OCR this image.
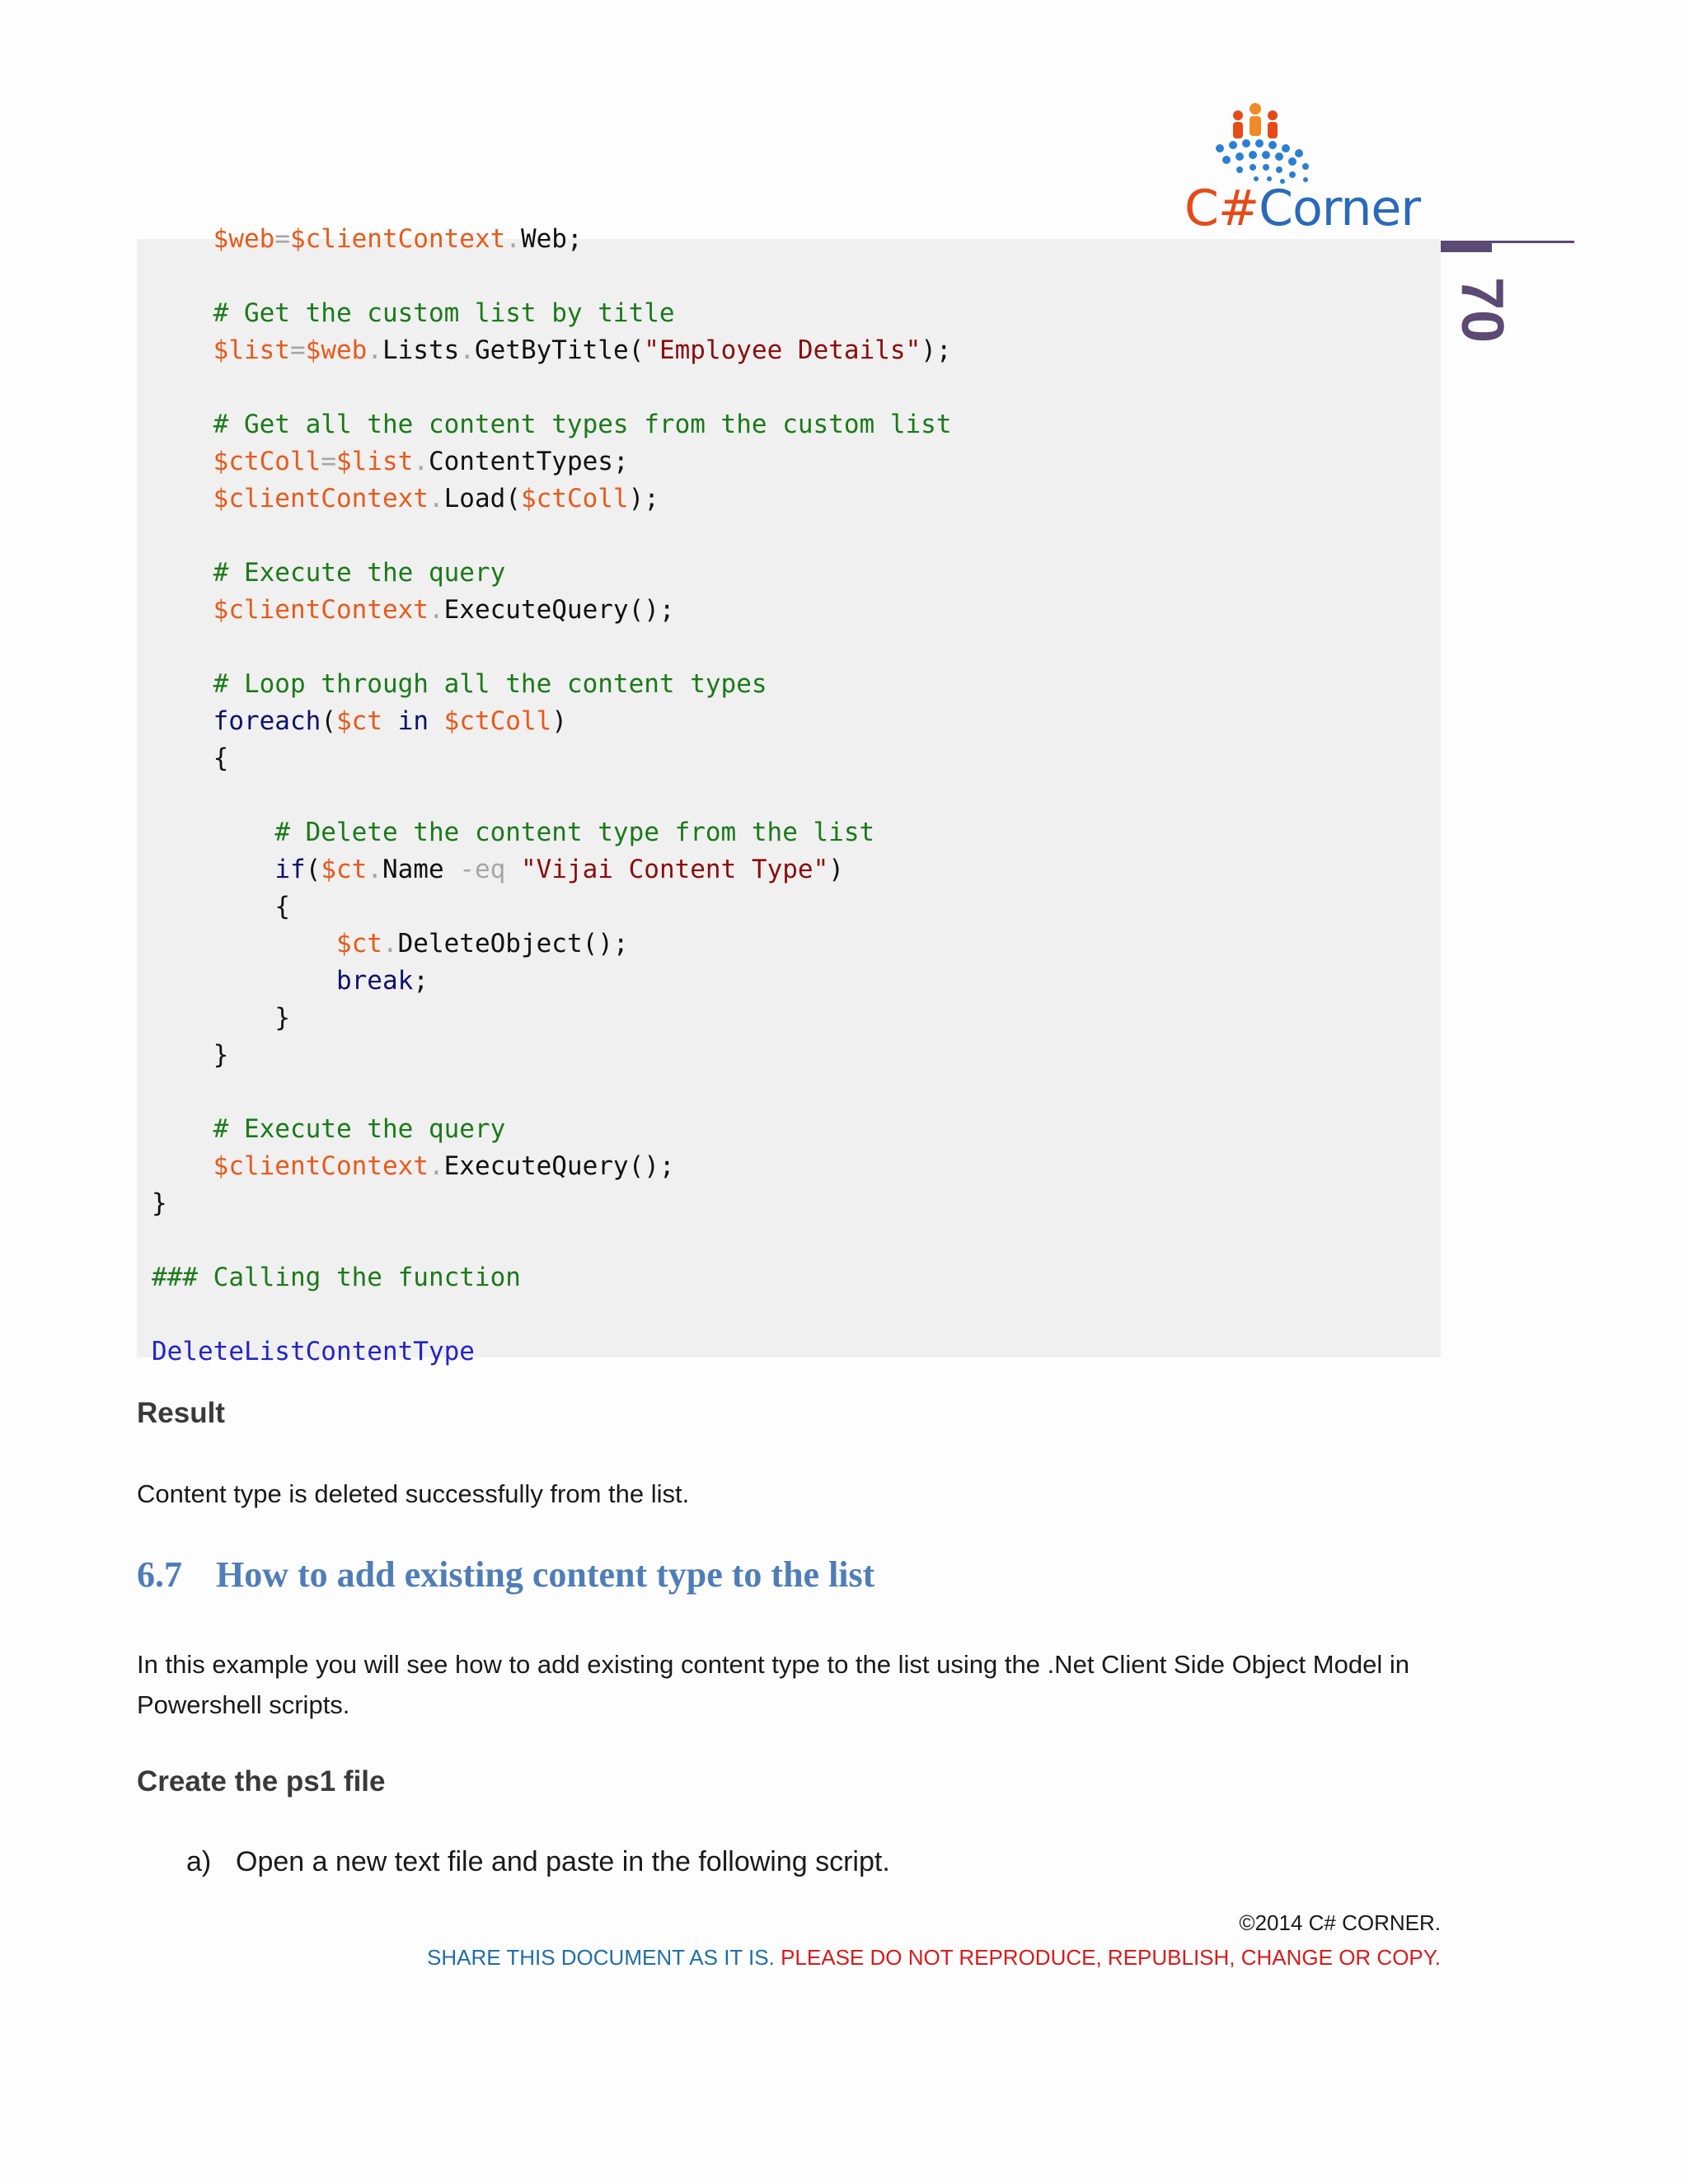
C#Corner
70
$web=$clientContext.Web;
# Get the custom list by title
$list=$web.Lists.GetByTitle("Employee Details");
# Get all the content types from the custom list
$ctColl=$list.ContentTypes;
$clientContext.Load($ctColl);
# Execute the query
$clientContext.ExecuteQuery();
# Loop through all the content types
foreach($ct in $ctColl)
{
# Delete the content type from the list
if($ct.Name -eq "Vijai Content Type")
{
$ct.DeleteObject();
break;
}
}
# Execute the query
$clientContext.ExecuteQuery();
}
### Calling the function
DeleteListContentType
Result

Content type is deleted successfully from the list.

6.7 How to add existing content type to the list

In this example you will see how to add existing content type to the list using the .Net Client Side Object Model in Powershell scripts.

Create the ps1 file

a) Open a new text file and paste in the following script.

©2014 C# CORNER.
SHARE THIS DOCUMENT AS IT IS. PLEASE DO NOT REPRODUCE, REPUBLISH, CHANGE OR COPY.
